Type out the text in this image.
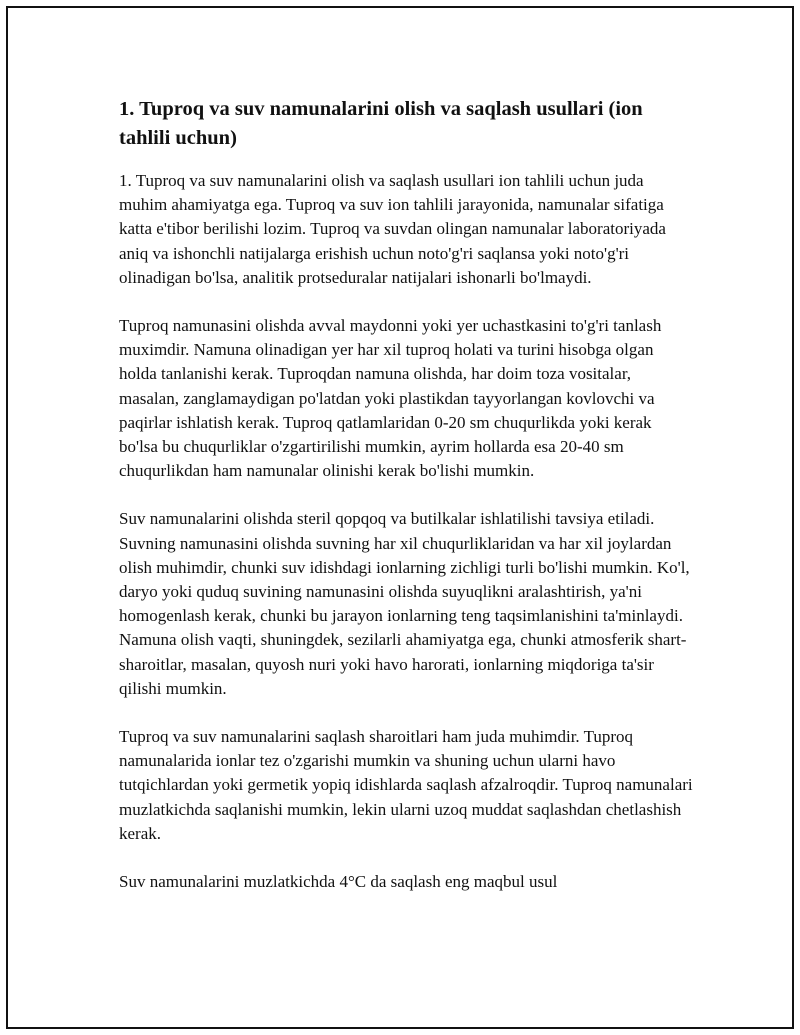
1. Tuproq va suv namunalarini olish va saqlash usullari (ion tahlili uchun)

1. Tuproq va suv namunalarini olish va saqlash usullari ion tahlili uchun juda muhim ahamiyatga ega. Tuproq va suv ion tahlili jarayonida, namunalar sifatiga katta e'tibor berilishi lozim. Tuproq va suvdan olingan namunalar laboratoriyada aniq va ishonchli natijalarga erishish uchun noto'g'ri saqlansa yoki noto'g'ri olinadigan bo'lsa, analitik protseduralar natijalari ishonarli bo'lmaydi.

Tuproq namunasini olishda avval maydonni yoki yer uchastkasini to'g'ri tanlash muximdir. Namuna olinadigan yer har xil tuproq holati va turini hisobga olgan holda tanlanishi kerak. Tuproqdan namuna olishda, har doim toza vositalar, masalan, zanglamaydigan po'latdan yoki plastikdan tayyorlangan kovlovchi va paqirlar ishlatish kerak. Tuproq qatlamlaridan 0-20 sm chuqurlikda yoki kerak bo'lsa bu chuqurliklar o'zgartirilishi mumkin, ayrim hollarda esa 20-40 sm chuqurlikdan ham namunalar olinishi kerak bo'lishi mumkin.

Suv namunalarini olishda steril qopqoq va butilkalar ishlatilishi tavsiya etiladi. Suvning namunasini olishda suvning har xil chuqurliklaridan va har xil joylardan olish muhimdir, chunki suv idishdagi ionlarning zichligi turli bo'lishi mumkin. Ko'l, daryo yoki quduq suvining namunasini olishda suyuqlikni aralashtirish, ya'ni homogenlash kerak, chunki bu jarayon ionlarning teng taqsimlanishini ta'minlaydi. Namuna olish vaqti, shuningdek, sezilarli ahamiyatga ega, chunki atmosferik shart-sharoitlar, masalan, quyosh nuri yoki havo harorati, ionlarning miqdoriga ta'sir qilishi mumkin.

Tuproq va suv namunalarini saqlash sharoitlari ham juda muhimdir. Tuproq namunalarida ionlar tez o'zgarishi mumkin va shuning uchun ularni havo tutqichlardan yoki germetik yopiq idishlarda saqlash afzalroqdir. Tuproq namunalari muzlatkichda saqlanishi mumkin, lekin ularni uzoq muddat saqlashdan chetlashish kerak.

Suv namunalarini muzlatkichda 4°C da saqlash eng maqbul usul
